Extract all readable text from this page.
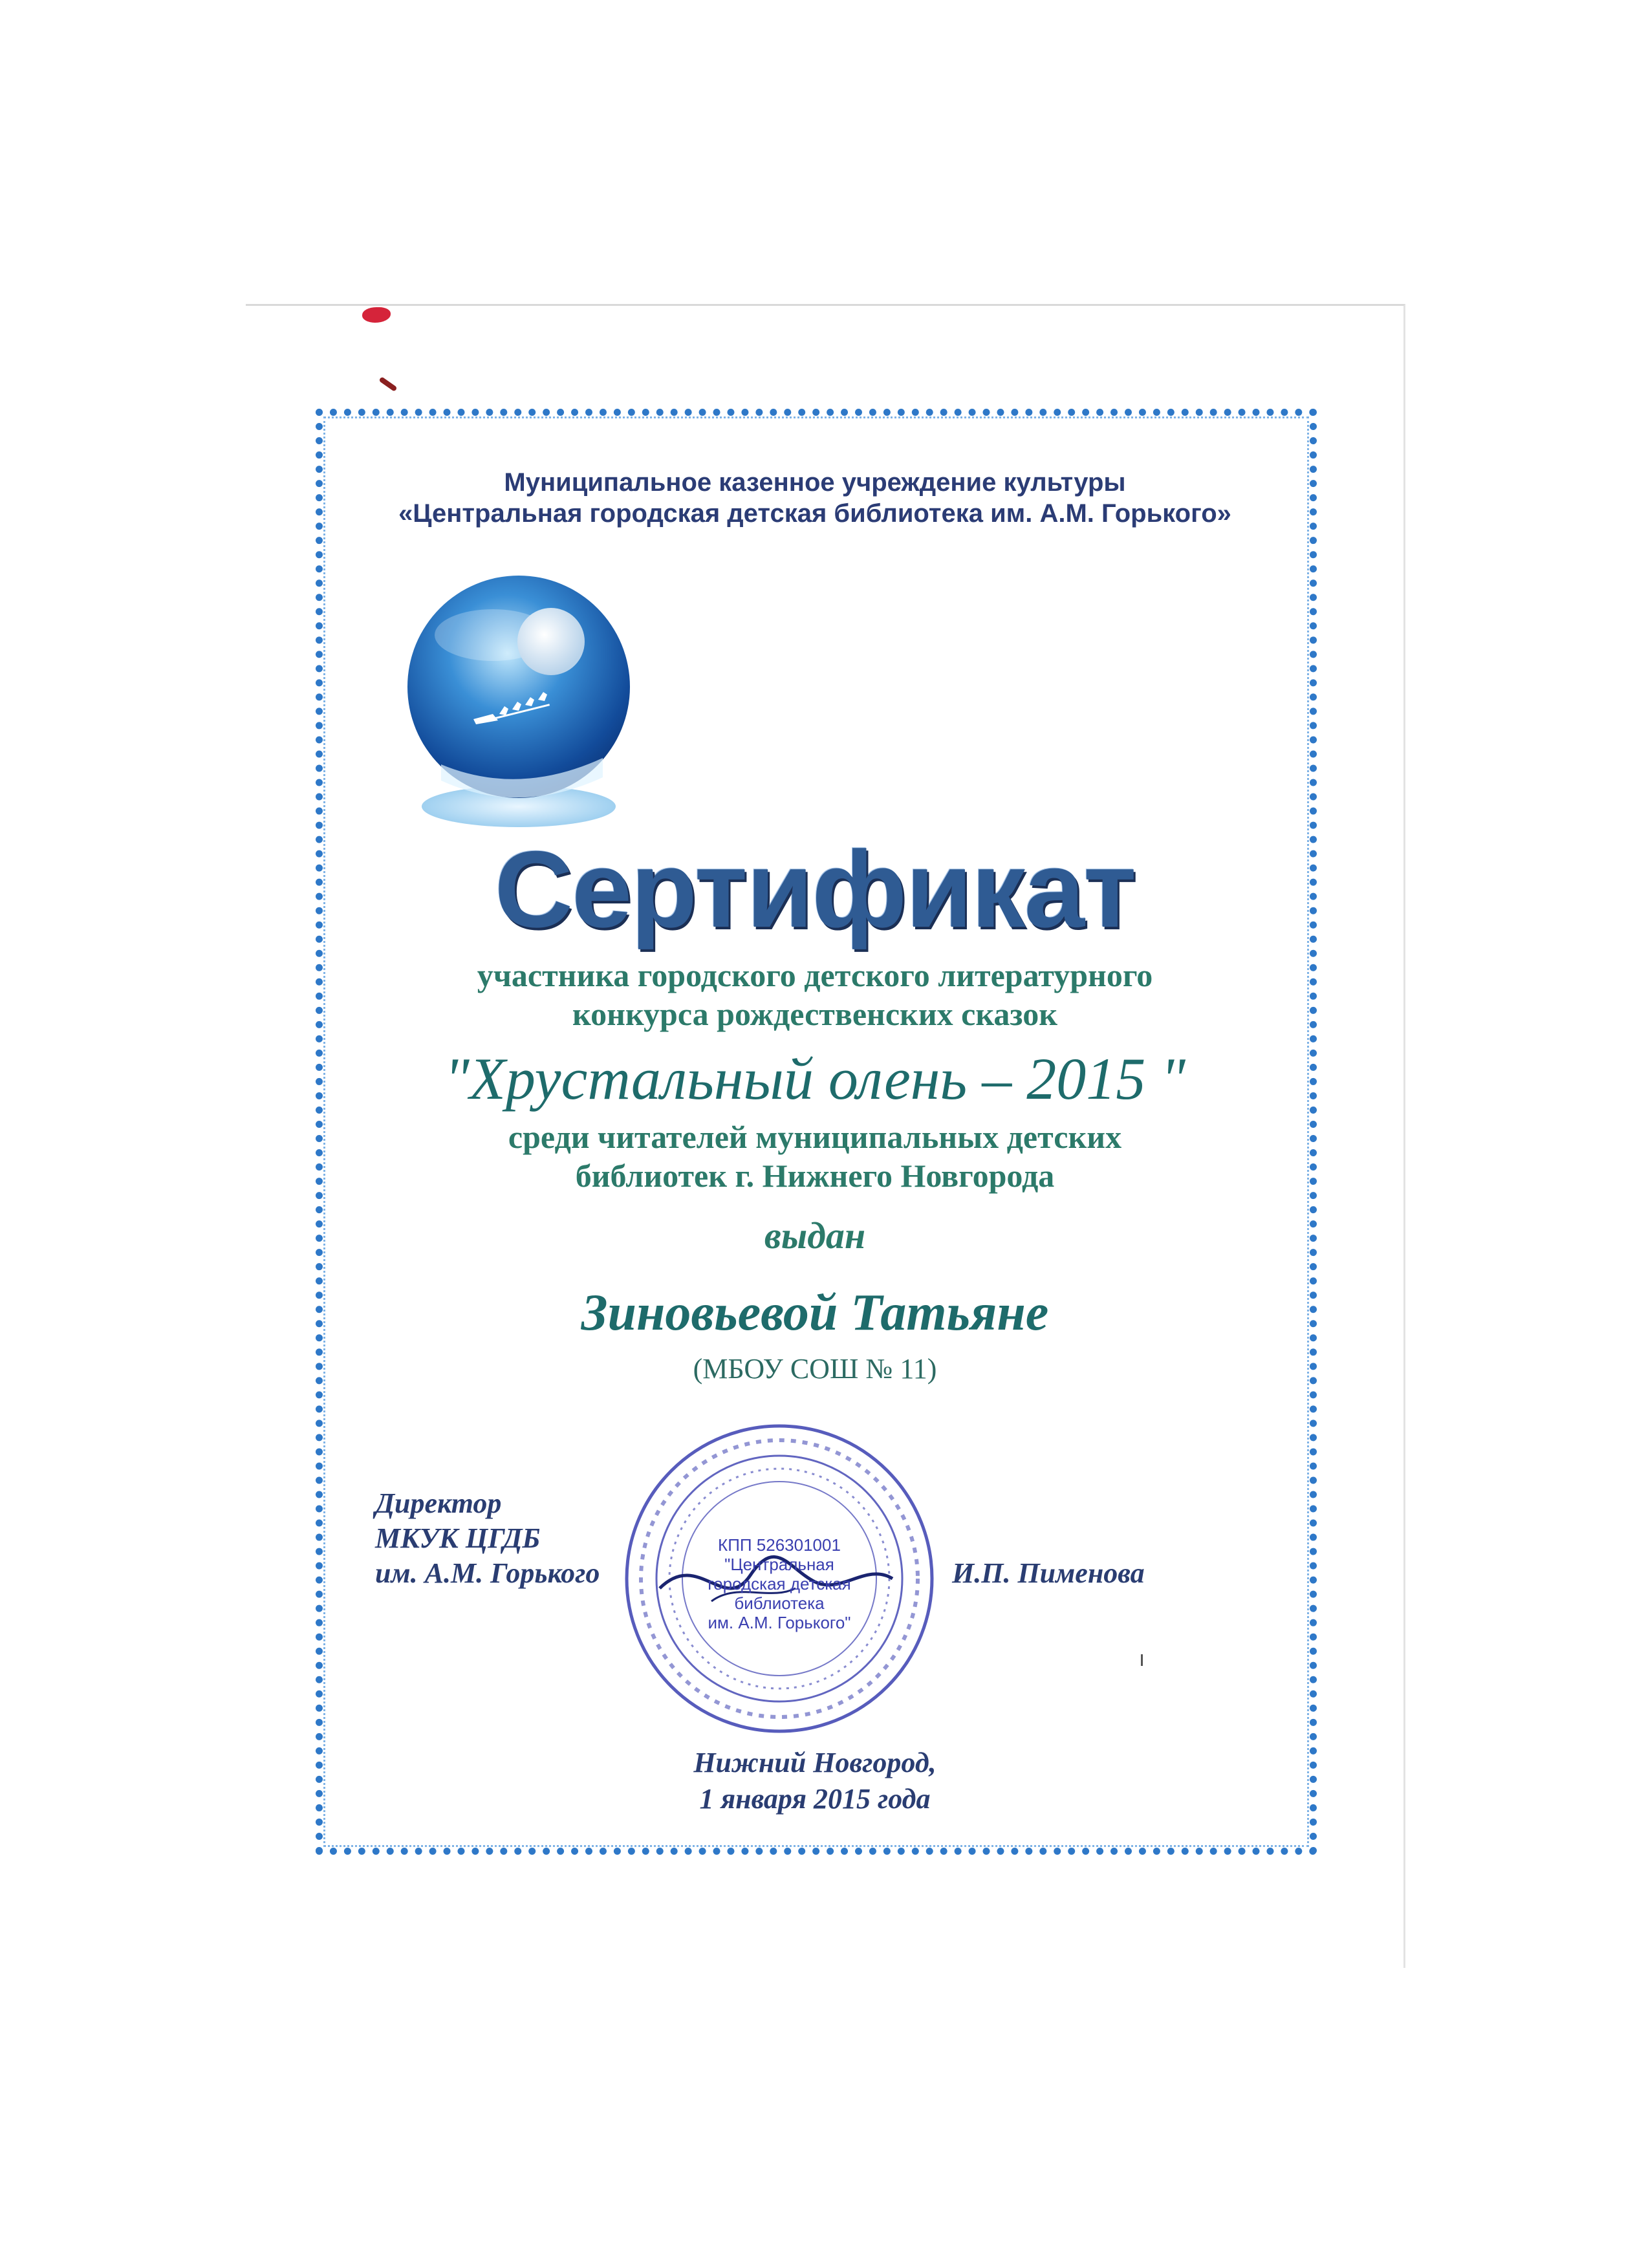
Муниципальное казенное учреждение культуры
«Центральная городская детская библиотека им. А.М. Горького»
Сертификат
участника городского детского литературного
конкурса рождественских сказок
"Хрустальный олень – 2015 "
среди читателей муниципальных детских
библиотек г. Нижнего Новгорода
выдан
Зиновьевой Татьяне
(МБОУ СОШ № 11)
Директор
МКУК ЦГДБ
им. А.М. Горького
КПП 526301001
"Центральная
городская детская
библиотека
им. А.М. Горького"
И.П. Пименова
Нижний Новгород,
1 января 2015 года
